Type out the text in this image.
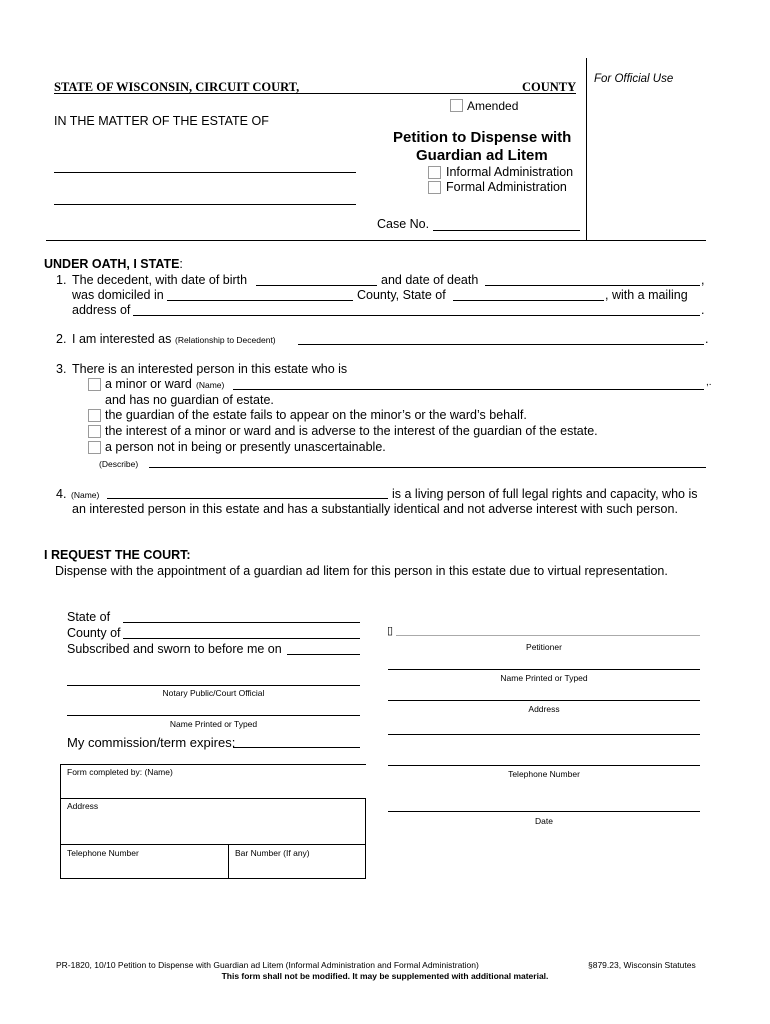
STATE OF WISCONSIN, CIRCUIT COURT,	COUNTY
For Official Use
Amended
IN THE MATTER OF THE ESTATE OF
Petition to Dispense with
Guardian ad Litem
Informal Administration
Formal Administration
Case No.
UNDER OATH, I STATE:
1. The decedent, with date of birth	and date of death	,
was domiciled in	County, State of	, with a mailing
address of	.
2. I am interested as (Relationship to Decedent)	.
3. There is an interested person in this estate who is
a minor or ward (Name)	,.
and has no guardian of estate.
the guardian of the estate fails to appear on the minor’s or the ward’s behalf.
the interest of a minor or ward and is adverse to the interest of the guardian of the estate.
a person not in being or presently unascertainable.
(Describe)
4. (Name)	is a living person of full legal rights and capacity, who is
an interested person in this estate and has a substantially identical and not adverse interest with such person.
I REQUEST THE COURT:
Dispense with the appointment of a guardian ad litem for this person in this estate due to virtual representation.
State of
County of
Subscribed and sworn to before me on
Notary Public/Court Official
Name Printed or Typed
My commission/term expires:
▯
Petitioner
Name Printed or Typed
Address
Telephone Number
Date
Form completed by: (Name)
Address
Telephone Number	Bar Number (If any)
PR-1820, 10/10 Petition to Dispense with Guardian ad Litem (Informal Administration and Formal Administration)	§879.23, Wisconsin Statutes
This form shall not be modified. It may be supplemented with additional material.
